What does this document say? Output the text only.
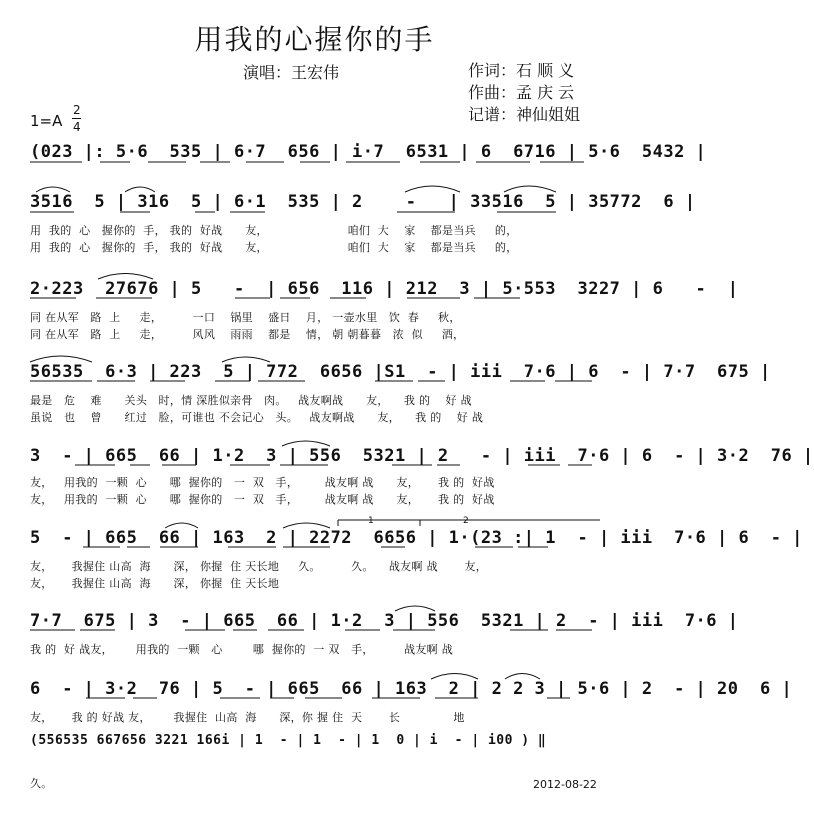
用我的心握你的手
演唱：王宏伟	作词：石 顺 义
作曲：孟 庆 云
记谱：神仙姐姐
1=A
2
4
(023 |: 5·6  535 | 6·7  656 | i·7  6531 | 6  6716 | 5·6  5432 |
3516  5 | 316  5 | 6·1  535 | 2    -   | 33516  5 | 35772  6 |
用  我的  心   握你的  手， 我的  好战      友，                     咱们  大    家    都是当兵     的，
用  我的  心   握你的  手， 我的  好战      友，                     咱们  大    家    都是当兵     的，
2·223  27676 | 5   -  | 656  116 | 212  3 | 5·553  3227 | 6   -  |
同 在从军   路  上     走，        一口    锅里    盛日    月， 一壶水里   饮  春     秋，
同 在从军   路  上     走，        风风    雨雨    都是    情， 朝 朝暮暮   浓  似     酒，
56535  6·3 | 223  5 | 772  6656 |S1  - | iii  7·6 | 6  - | 7·7  675 |
最是   危    难      关头   时，情 深胜似亲骨   肉。   战友啊战      友，    我 的    好 战
虽说   也    曾      红过   脸，可谁也 不会记心   头。   战友啊战      友，    我 的    好 战
3  - | 665  66 | 1·2  3 | 556  5321 | 2   - | iii  7·6 | 6  - | 3·2  76 |
友，   用我的  一颗  心      哪  握你的   一  双   手，       战友啊 战      友，     我 的  好战
友，   用我的  一颗  心      哪  握你的   一  双   手，       战友啊 战      友，     我 的  好战
1	2
5  - | 665  66 | 163  2 | 2272  6656 | 1·(23 :| 1  - | iii  7·6 | 6  - |
友，     我握住 山高  海      深， 你握  住 天长地     久。        久。    战友啊 战       友，
友，     我握住 山高  海      深， 你握  住 天长地
7·7  675 | 3  - | 665  66 | 1·2  3 | 556  5321 | 2  - | iii  7·6 |
我 的  好 战友，      用我的  一颗   心        哪  握你的  一 双   手，        战友啊 战
6  - | 3·2  76 | 5  - | 665  66 | 163  2 | 2 2 3 | 5·6 | 2  - | 20  6 |
友，     我 的 好战 友，      我握住  山高  海      深，你 握 住  天       长              地
(556535 667656 3221 166i | 1  - | 1  - | 1  0 | i  - | i00 ) ‖
久。	2012-08-22
